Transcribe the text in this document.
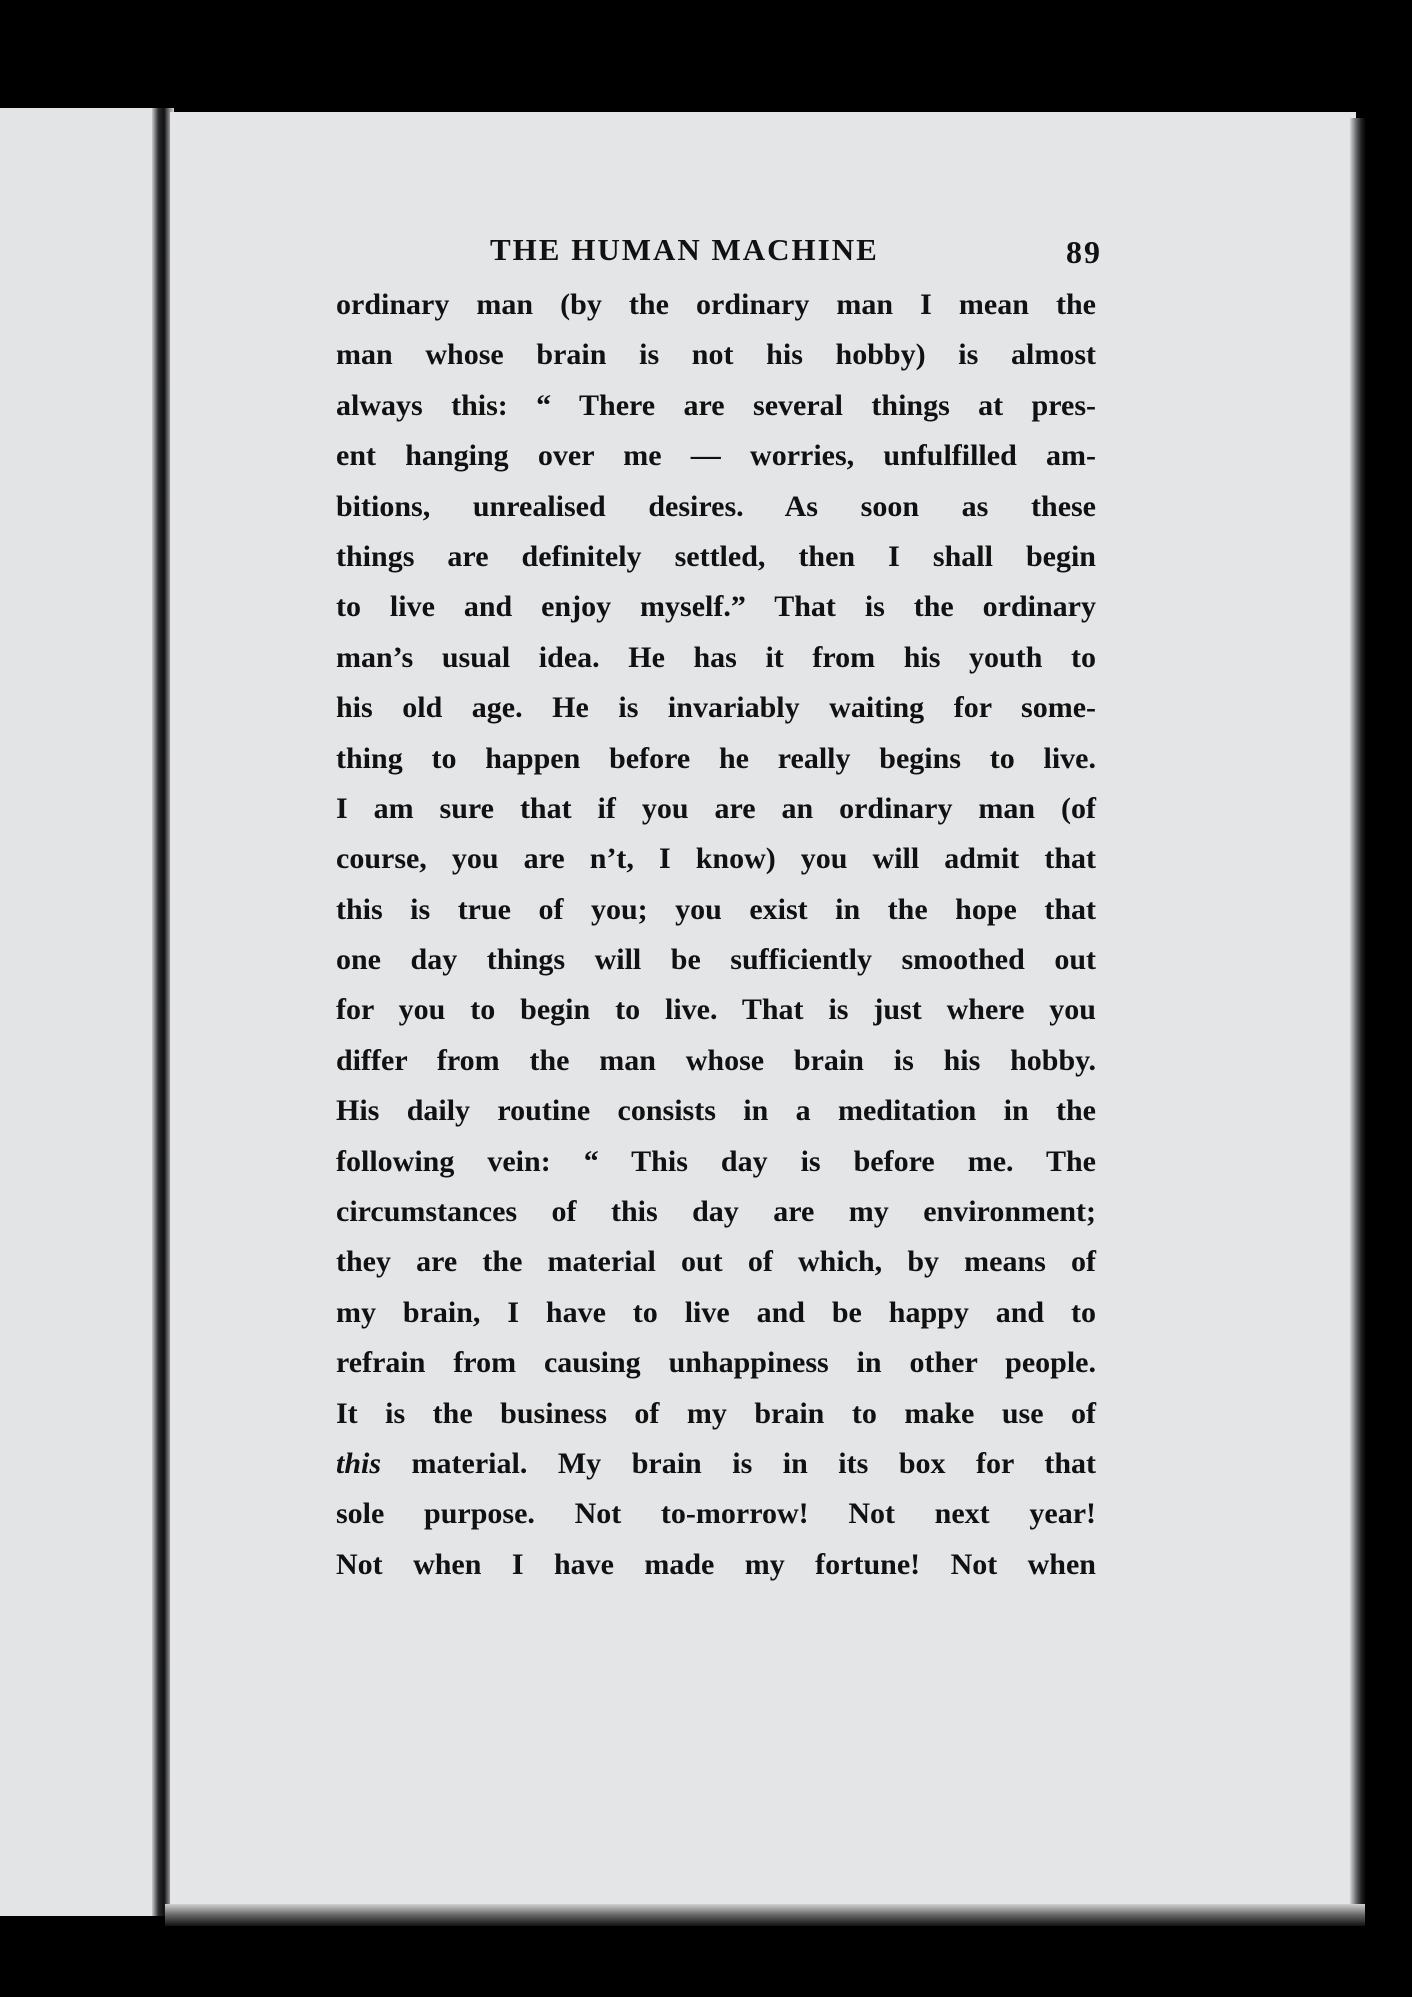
THE HUMAN MACHINE	89
ordinary man (by the ordinary man I mean the
man whose brain is not his hobby) is almost
always this: “ There are several things at pres-
ent hanging over me — worries, unfulfilled am-
bitions, unrealised desires. As soon as these
things are definitely settled, then I shall begin
to live and enjoy myself.” That is the ordinary
man’s usual idea. He has it from his youth to
his old age. He is invariably waiting for some-
thing to happen before he really begins to live.
I am sure that if you are an ordinary man (of
course, you are n’t, I know) you will admit that
this is true of you; you exist in the hope that
one day things will be sufficiently smoothed out
for you to begin to live. That is just where you
differ from the man whose brain is his hobby.
His daily routine consists in a meditation in the
following vein: “ This day is before me. The
circumstances of this day are my environment;
they are the material out of which, by means of
my brain, I have to live and be happy and to
refrain from causing unhappiness in other people.
It is the business of my brain to make use of
this material. My brain is in its box for that
sole purpose. Not to-morrow! Not next year!
Not when I have made my fortune! Not when
